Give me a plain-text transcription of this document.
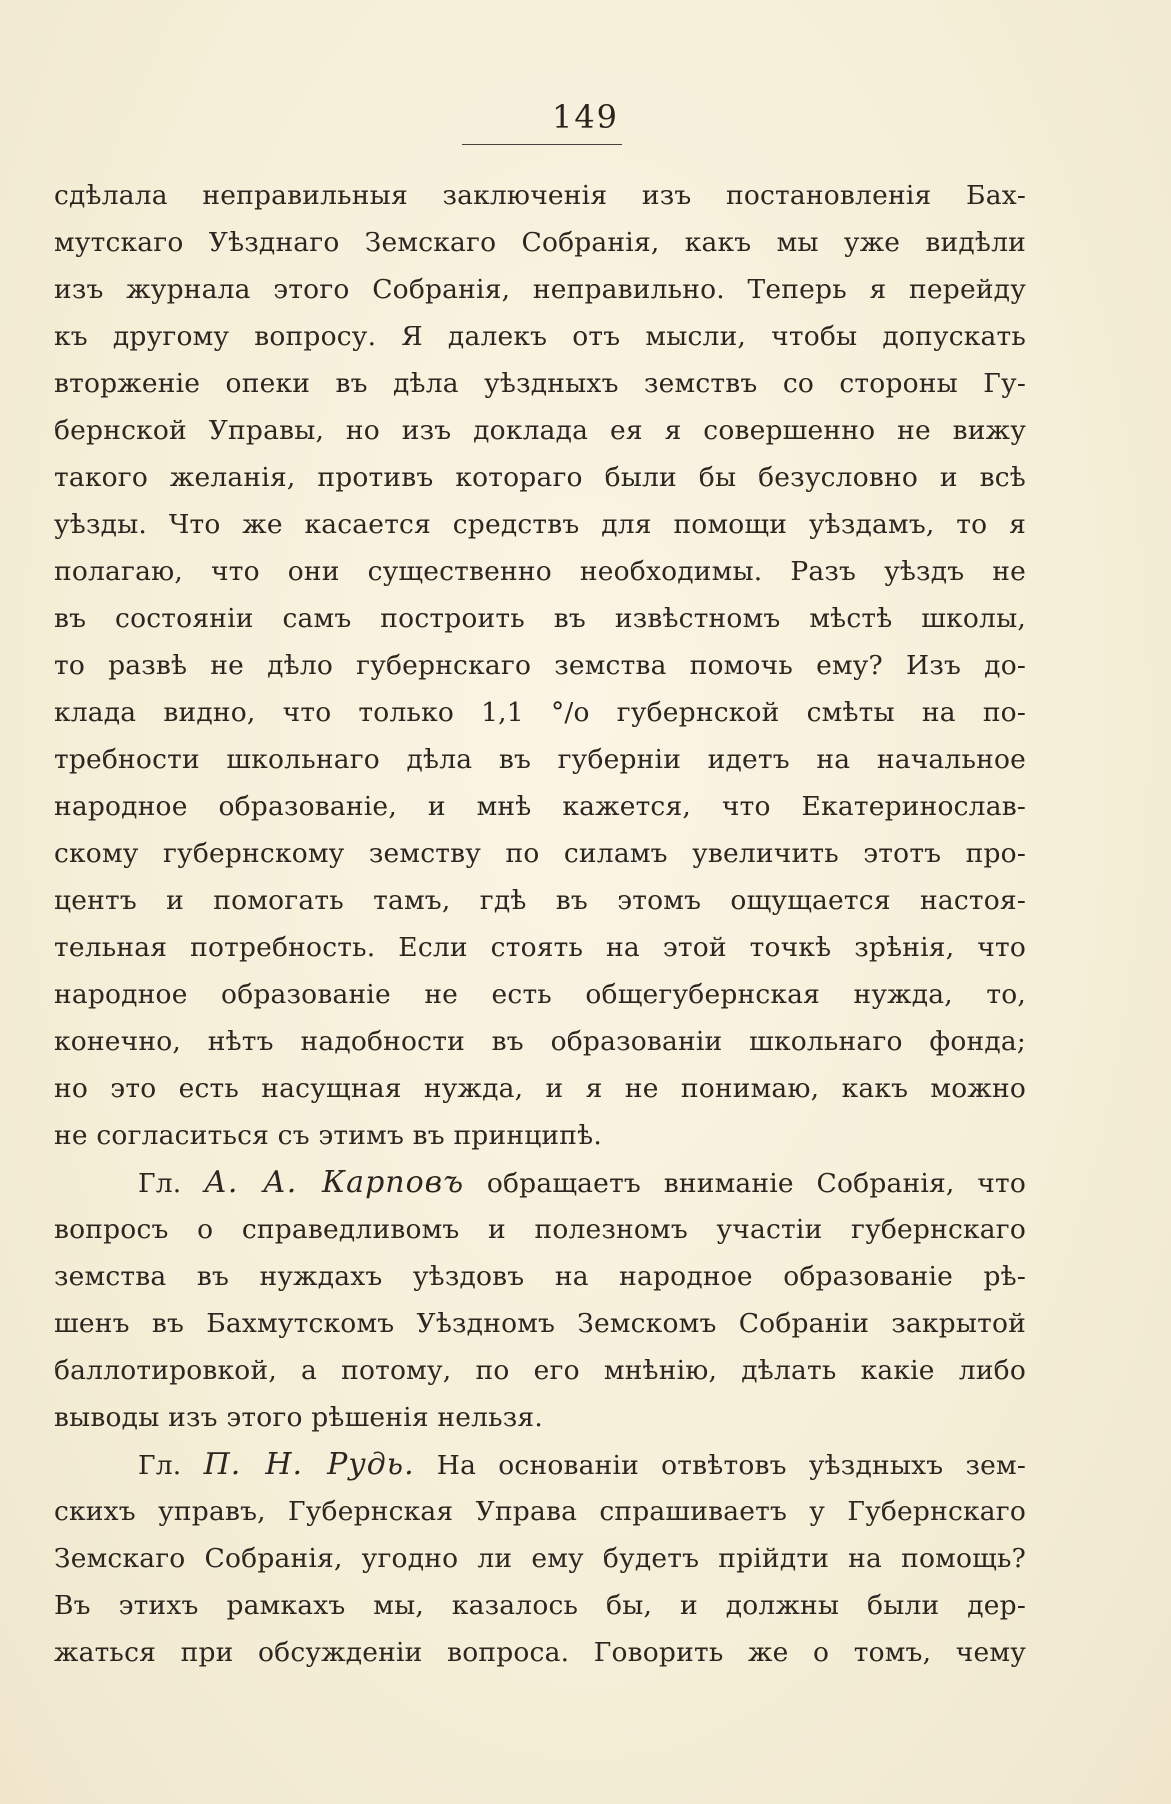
149
сдѣлала неправильныя заключенія изъ постановленія Бах-
мутскаго Уѣзднаго Земскаго Собранія, какъ мы уже видѣли
изъ журнала этого Собранія, неправильно. Теперь я перейду
къ другому вопросу. Я далекъ отъ мысли, чтобы допускать
вторженіе опеки въ дѣла уѣздныхъ земствъ со стороны Гу-
бернской Управы, но изъ доклада ея я совершенно не вижу
такого желанія, противъ котораго были бы безусловно и всѣ
уѣзды. Что же касается средствъ для помощи уѣздамъ, то я
полагаю, что они существенно необходимы. Разъ уѣздъ не
въ состояніи самъ построить въ извѣстномъ мѣстѣ школы,
то развѣ не дѣло губернскаго земства помочь ему? Изъ до-
клада видно, что только 1,1 °/о губернской смѣты на по-
требности школьнаго дѣла въ губерніи идетъ на начальное
народное образованіе, и мнѣ кажется, что Екатеринослав-
скому губернскому земству по силамъ увеличить этотъ про-
центъ и помогать тамъ, гдѣ въ этомъ ощущается настоя-
тельная потребность. Если стоять на этой точкѣ зрѣнія, что
народное образованіе не есть общегубернская нужда, то,
конечно, нѣтъ надобности въ образованіи школьнаго фонда;
но это есть насущная нужда, и я не понимаю, какъ можно
не согласиться съ этимъ въ принципѣ.
Гл. А. А. Карповъ обращаетъ вниманіе Собранія, что
вопросъ о справедливомъ и полезномъ участіи губернскаго
земства въ нуждахъ уѣздовъ на народное образованіе рѣ-
шенъ въ Бахмутскомъ Уѣздномъ Земскомъ Собраніи закрытой
баллотировкой, а потому, по его мнѣнію, дѣлать какіе либо
выводы изъ этого рѣшенія нельзя.
Гл. П. Н. Рудь. На основаніи отвѣтовъ уѣздныхъ зем-
скихъ управъ, Губернская Управа спрашиваетъ у Губернскаго
Земскаго Собранія, угодно ли ему будетъ прійдти на помощь?
Въ этихъ рамкахъ мы, казалось бы, и должны были дер-
жаться при обсужденіи вопроса. Говорить же о томъ, чему
